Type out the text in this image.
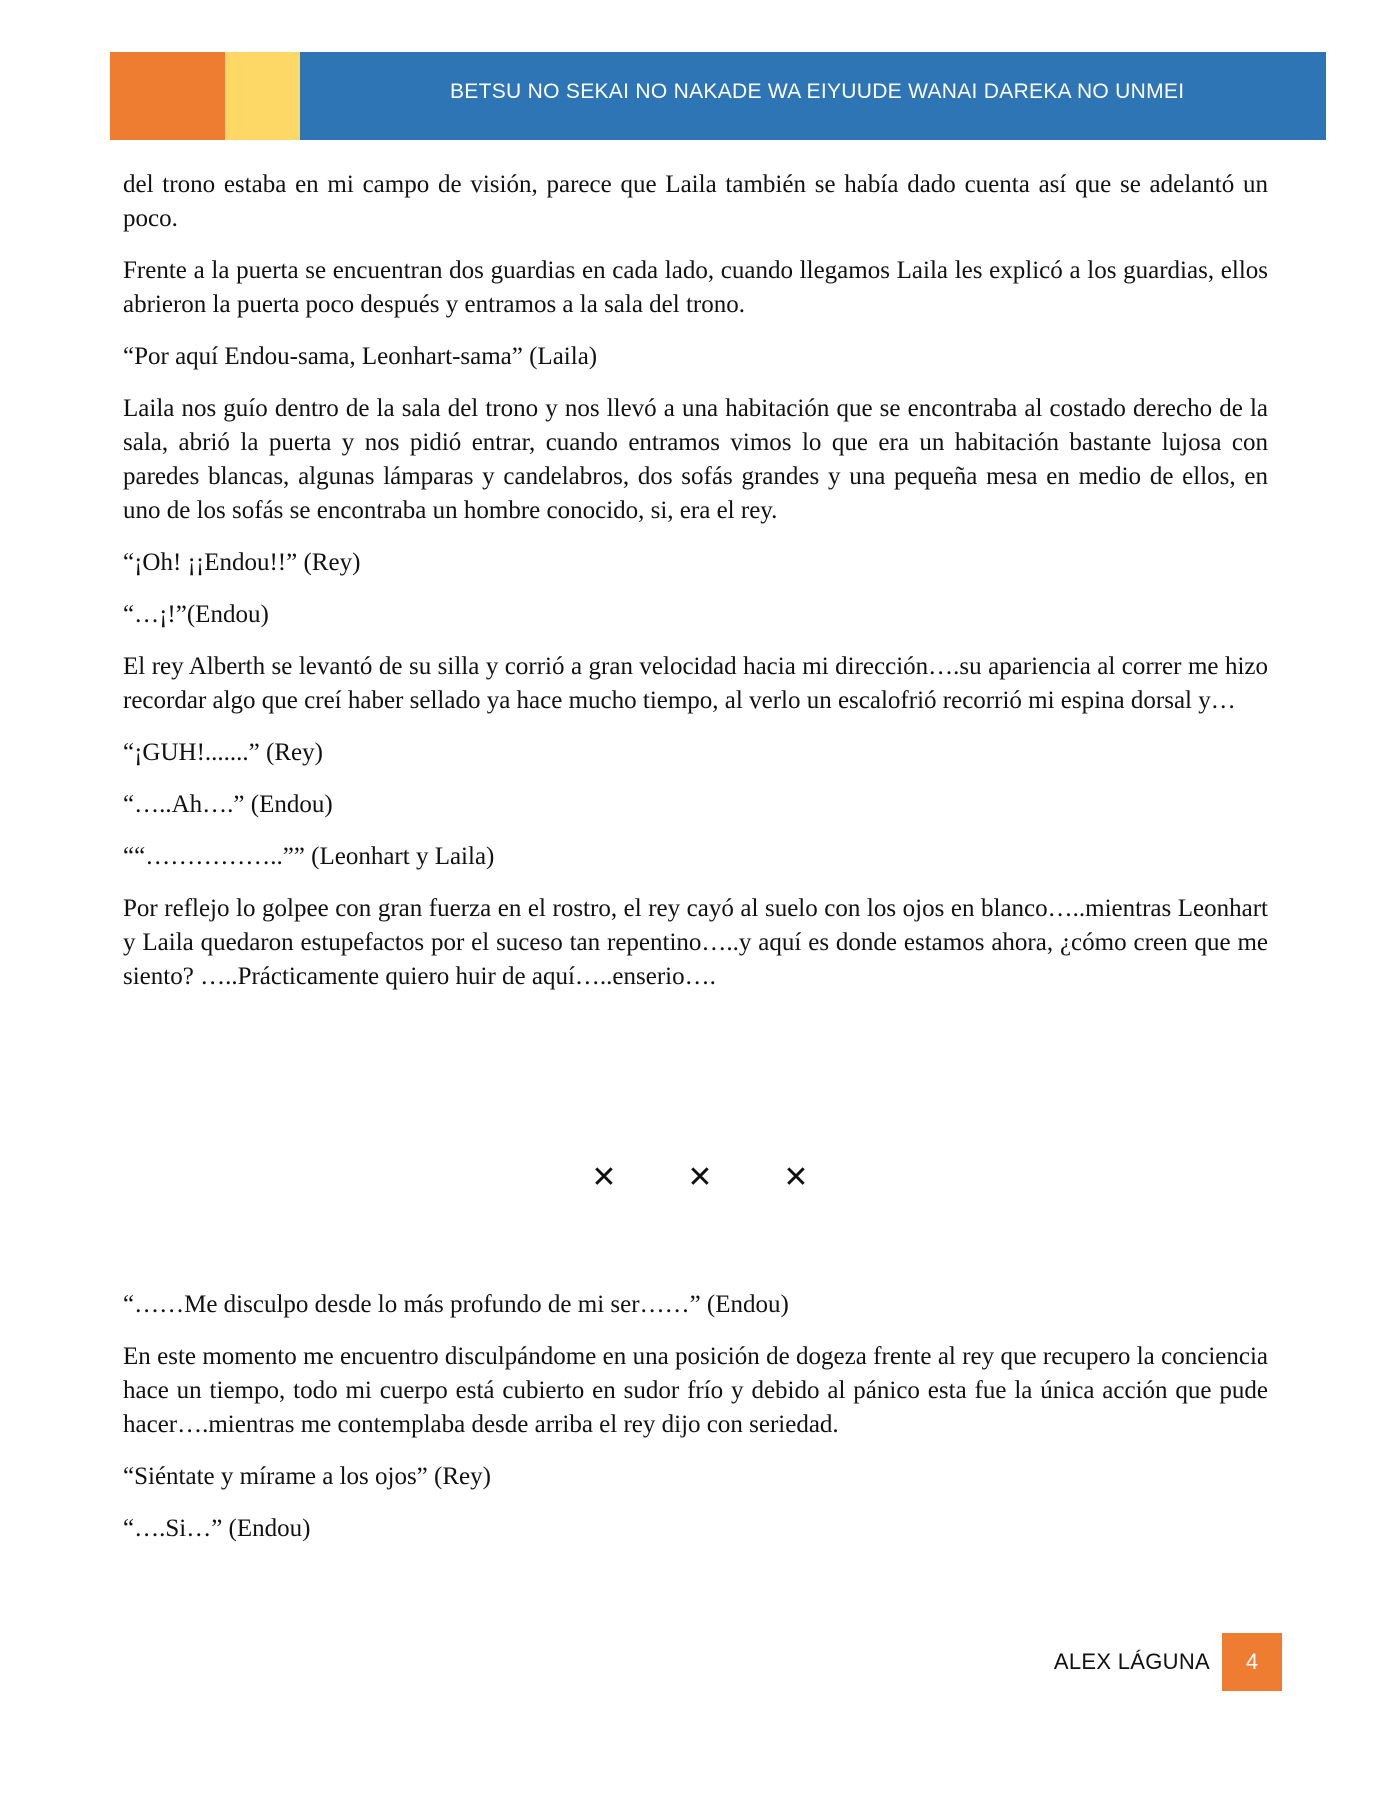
BETSU NO SEKAI NO NAKADE WA EIYUUDE WANAI DAREKA NO UNMEI

del trono estaba en mi campo de visión, parece que Laila también se había dado cuenta así que se adelantó un poco.

Frente a la puerta se encuentran dos guardias en cada lado, cuando llegamos Laila les explicó a los guardias, ellos abrieron la puerta poco después y entramos a la sala del trono.

“Por aquí Endou-sama, Leonhart-sama” (Laila)

Laila nos guío dentro de la sala del trono y nos llevó a una habitación que se encontraba al costado derecho de la sala, abrió la puerta y nos pidió entrar, cuando entramos vimos lo que era un habitación bastante lujosa con paredes blancas, algunas lámparas y candelabros, dos sofás grandes y una pequeña mesa en medio de ellos, en uno de los sofás se encontraba un hombre conocido, si, era el rey.

“¡Oh! ¡¡Endou!!” (Rey)

“…¡!”(Endou)

El rey Alberth se levantó de su silla y corrió a gran velocidad hacia mi dirección….su apariencia al correr me hizo recordar algo que creí haber sellado ya hace mucho tiempo, al verlo un escalofrió recorrió mi espina dorsal y…

“¡GUH!.......” (Rey)

“…..Ah….” (Endou)

““……………..”” (Leonhart y Laila)

Por reflejo lo golpee con gran fuerza en el rostro, el rey cayó al suelo con los ojos en blanco…..mientras Leonhart y Laila quedaron estupefactos por el suceso tan repentino…..y aquí es donde estamos ahora, ¿cómo creen que me siento? …..Prácticamente quiero huir de aquí…..enserio….

✕ ✕ ✕

“……Me disculpo desde lo más profundo de mi ser……” (Endou)

En este momento me encuentro disculpándome en una posición de dogeza frente al rey que recupero la conciencia hace un tiempo, todo mi cuerpo está cubierto en sudor frío y debido al pánico esta fue la única acción que pude hacer….mientras me contemplaba desde arriba el rey dijo con seriedad.

“Siéntate y mírame a los ojos” (Rey)

“….Si…” (Endou)

ALEX LÁGUNA 4
